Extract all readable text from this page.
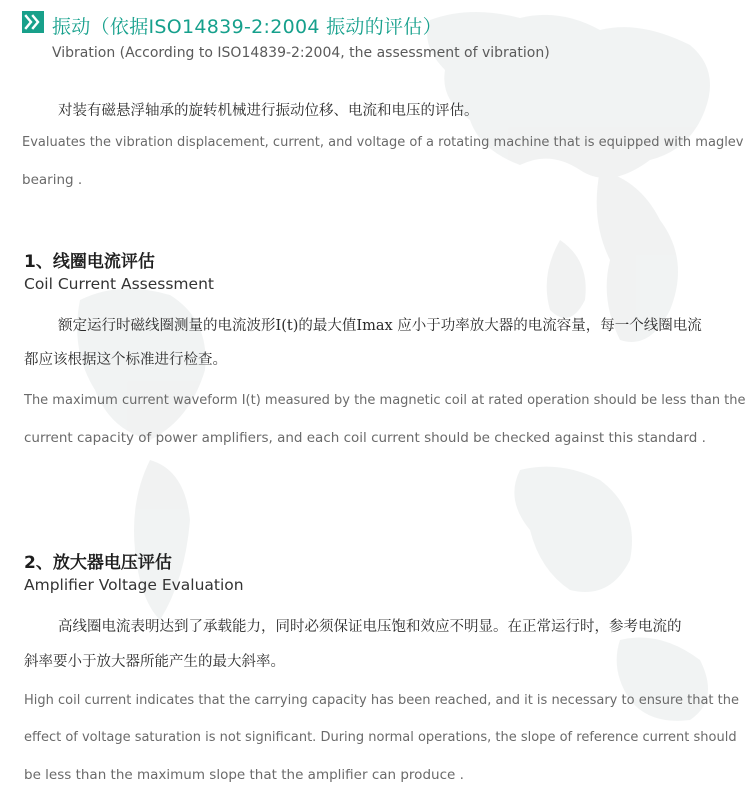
振动（依据ISO14839-2:2004 振动的评估）
Vibration (According to ISO14839-2:2004, the assessment of vibration)
对装有磁悬浮轴承的旋转机械进行振动位移、电流和电压的评估。
Evaluates the vibration displacement, current, and voltage of a rotating machine that is equipped with maglev
bearing .
1、线圈电流评估
Coil Current Assessment
额定运行时磁线圈测量的电流波形I(t)的最大值Imax 应小于功率放大器的电流容量，每一个线圈电流
都应该根据这个标准进行检查。
The maximum current waveform I(t) measured by the magnetic coil at rated operation should be less than the
current capacity of power amplifiers, and each coil current should be checked against this standard .
2、放大器电压评估
Amplifier Voltage Evaluation
高线圈电流表明达到了承载能力，同时必须保证电压饱和效应不明显。在正常运行时，参考电流的
斜率要小于放大器所能产生的最大斜率。
High coil current indicates that the carrying capacity has been reached, and it is necessary to ensure that the
effect of voltage saturation is not significant. During normal operations, the slope of reference current should
be less than the maximum slope that the amplifier can produce .
